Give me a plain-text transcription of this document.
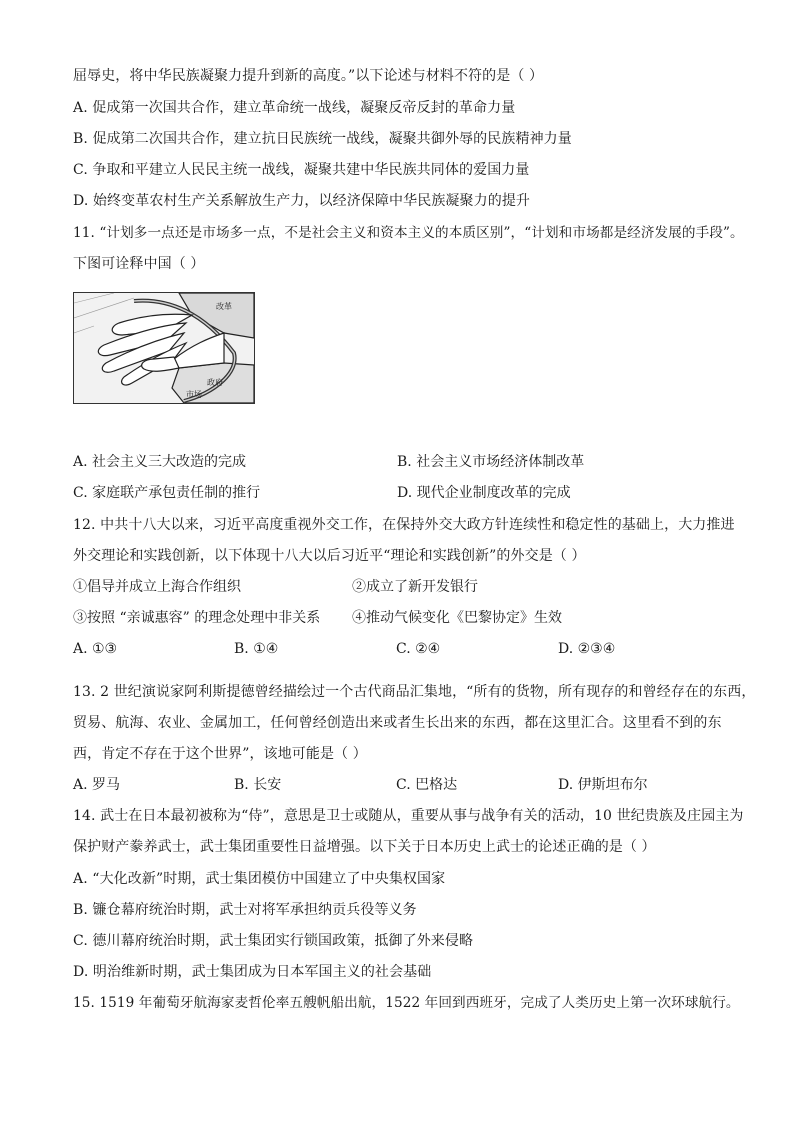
屈辱史，将中华民族凝聚力提升到新的高度。”以下论述与材料不符的是（ ）
A. 促成第一次国共合作，建立革命统一战线，凝聚反帝反封的革命力量
B. 促成第二次国共合作，建立抗日民族统一战线，凝聚共御外辱的民族精神力量
C. 争取和平建立人民民主统一战线，凝聚共建中华民族共同体的爱国力量
D. 始终变革农村生产关系解放生产力，以经济保障中华民族凝聚力的提升
11. “计划多一点还是市场多一点，不是社会主义和资本主义的本质区别”，“计划和市场都是经济发展的手段”。
下图可诠释中国（ ）
改革
政府
市场
A. 社会主义三大改造的完成	B. 社会主义市场经济体制改革
C. 家庭联产承包责任制的推行	D. 现代企业制度改革的完成
12. 中共十八大以来，习近平高度重视外交工作，在保持外交大政方针连续性和稳定性的基础上，大力推进
外交理论和实践创新，以下体现十八大以后习近平“理论和实践创新”的外交是（ ）
①倡导并成立上海合作组织	②成立了新开发银行
③按照 “亲诚惠容” 的理念处理中非关系 ④推动气候变化《巴黎协定》生效
A. ①③	B. ①④	C. ②④	D. ②③④
13. 2 世纪演说家阿利斯提德曾经描绘过一个古代商品汇集地，“所有的货物，所有现存的和曾经存在的东西，
贸易、航海、农业、金属加工，任何曾经创造出来或者生长出来的东西，都在这里汇合。这里看不到的东
西，肯定不存在于这个世界”，该地可能是（ ）
A. 罗马	B. 长安	C. 巴格达	D. 伊斯坦布尔
14. 武士在日本最初被称为“侍”，意思是卫士或随从，重要从事与战争有关的活动，10 世纪贵族及庄园主为
保护财产豢养武士，武士集团重要性日益增强。以下关于日本历史上武士的论述正确的是（ ）
A. “大化改新”时期，武士集团模仿中国建立了中央集权国家
B. 镰仓幕府统治时期，武士对将军承担纳贡兵役等义务
C. 德川幕府统治时期，武士集团实行锁国政策，抵御了外来侵略
D. 明治维新时期，武士集团成为日本军国主义的社会基础
15. 1519 年葡萄牙航海家麦哲伦率五艘帆船出航，1522 年回到西班牙，完成了人类历史上第一次环球航行。
